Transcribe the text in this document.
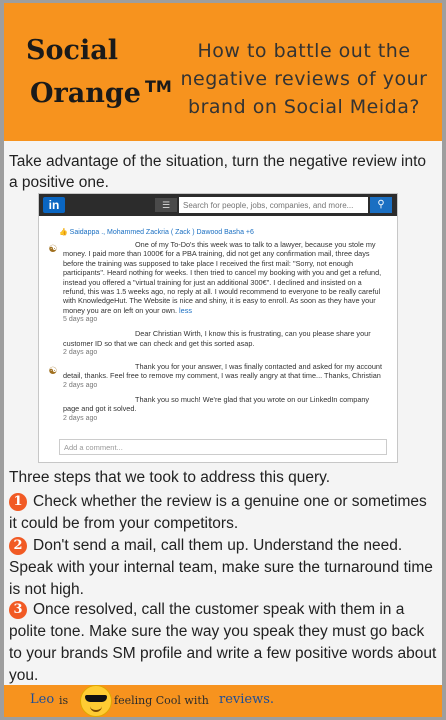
Social

Orange ™
How to battle out the negative reviews of your brand on Social Meida?
Take advantage of the situation, turn the negative review into a positive one.
in	☰
Search for people, jobs, companies, and more...	⚲
👍 Saidappa ., Mohammed Zackria ( Zack ) Dawood Basha +6
☯	One of my To-Do's this week was to talk to a lawyer, because you stole my money. I paid more than 1000€ for a PBA training, did not get any confirmation mail, three days before the training was supposed to take place I received the first mail: "Sorry, not enough participants". Heard nothing for weeks. I then tried to cancel my booking with you and get a refund, instead you offered a "virtual training for just an additional 300€". I declined and insisted on a refund, this was 1.5 weeks ago, no reply at all. I would recommend to everyone to be really careful with KnowledgeHut. The Website is nice and shiny, it is easy to enroll. As soon as they have your money you are on left on your own. less
5 days ago
Dear Christian Wirth, I know this is frustrating, can you please share your customer ID so that we can check and get this sorted asap.
2 days ago
☯	Thank you for your answer, I was finally contacted and asked for my account detail, thanks. Feel free to remove my comment, I was really angry at that time... Thanks, Christian
2 days ago
Thank you so much! We're glad that you wrote on our LinkedIn company page and got it solved.
2 days ago
Add a comment...
Three steps that we took to address this query.
1 Check whether the review is a genuine one or sometimes it could be from your competitors.
2 Don't send a mail, call them up. Understand the need. Speak with your internal team, make sure the turnaround time is not high.
3 Once resolved, call the customer speak with them in a polite tone. Make sure the way you speak they must go back to your brands SM profile and write a few positive words about you.
Leo is	feeling Cool with reviews.
